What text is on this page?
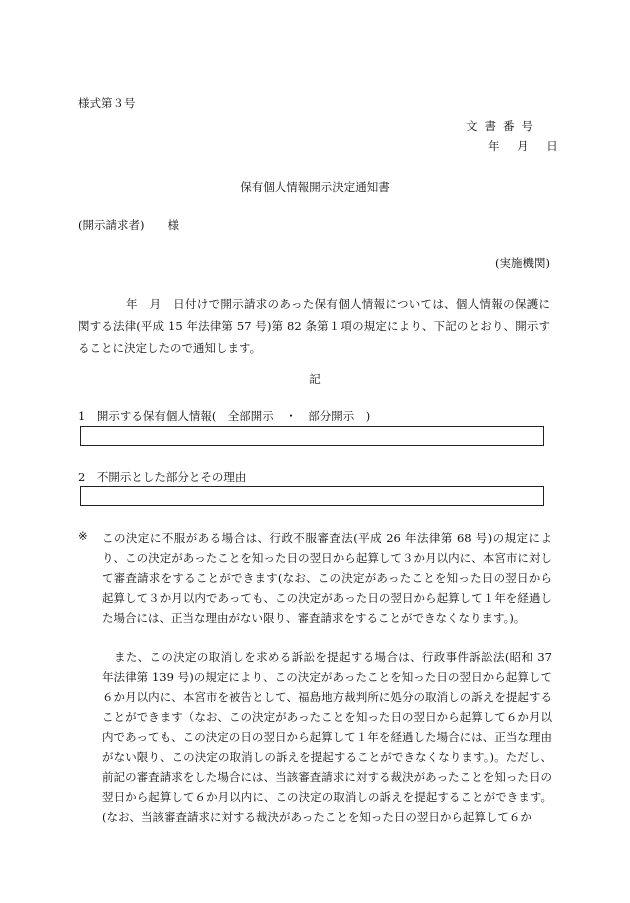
様式第３号
文書番号
年 月 日
保有個人情報開示決定通知書
(開示請求者)　　様
(実施機関)
年　月　日付けで開示請求のあった保有個人情報については、個人情報の保護に関する法律(平成 15 年法律第 57 号)第 82 条第１項の規定により、下記のとおり、開示することに決定したので通知します。
記
1　開示する保有個人情報(　全部開示　・　部分開示　)
2　不開示とした部分とその理由
※ この決定に不服がある場合は、行政不服審査法(平成 26 年法律第 68 号)の規定により、この決定があったことを知った日の翌日から起算して３か月以内に、本宮市に対して審査請求をすることができます(なお、この決定があったことを知った日の翌日から起算して３か月以内であっても、この決定があった日の翌日から起算して１年を経過した場合には、正当な理由がない限り、審査請求をすることができなくなります。)。
また、この決定の取消しを求める訴訟を提起する場合は、行政事件訴訟法(昭和 37 年法律第 139 号)の規定により、この決定があったことを知った日の翌日から起算して６か月以内に、本宮市を被告として、福島地方裁判所に処分の取消しの訴えを提起することができます（なお、この決定があったことを知った日の翌日から起算して６か月以内であっても、この決定の日の翌日から起算して１年を経過した場合には、正当な理由がない限り、この決定の取消しの訴えを提起することができなくなります。)。ただし、前記の審査請求をした場合には、当該審査請求に対する裁決があったことを知った日の翌日から起算して６か月以内に、この決定の取消しの訴えを提起することができます。(なお、当該審査請求に対する裁決があったことを知った日の翌日から起算して６か
